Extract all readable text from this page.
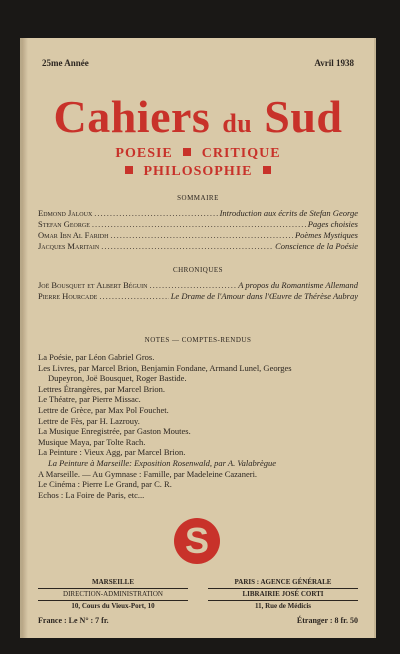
25me Année	Avril 1938
Cahiers du Sud
POESIE CRITIQUE
PHILOSOPHIE
SOMMAIRE
Edmond Jaloux .....	Introduction aux écrits de Stefan George
Stefan George .....	Pages choisies
Omar Ibn Al Faridh .....	Poèmes Mystiques
Jacques Maritain .....	Conscience de la Poésie
CHRONIQUES
Joë Bousquet et Albert Béguin .....	A propos du Romantisme Allemand
Pierre Hourcade .....	Le Drame de l'Amour dans l'Œuvre de Thérèse Aubray
NOTES — COMPTES-RENDUS
La Poésie, par Léon Gabriel Gros.
Les Livres, par Marcel Brion, Benjamin Fondane, Armand Lunel, Georges
Dupeyron, Joë Bousquet, Roger Bastide.
Lettres Étrangères, par Marcel Brion.
Le Théatre, par Pierre Missac.
Lettre de Grèce, par Max Pol Fouchet.
Lettre de Fès, par H. Lazrouy.
La Musique Enregistrée, par Gaston Moutes.
Musique Maya, par Tolte Rach.
La Peinture : Vieux Agg, par Marcel Brion.
La Peinture à Marseille: Exposition Rosenwald, par A. Valabrègue
A Marseille. — Au Gymnase : Famille, par Madeleine Cazaneri.
Le Cinéma : Pierre Le Grand, par C. R.
Echos : La Foire de Paris, etc...
S
MARSEILLE
DIRECTION-ADMINISTRATION
10, Cours du Vieux-Port, 10
PARIS : AGENCE GÉNÉRALE
LIBRAIRIE JOSÉ CORTI
11, Rue de Médicis
France : Le N° : 7 fr.	Étranger : 8 fr. 50
